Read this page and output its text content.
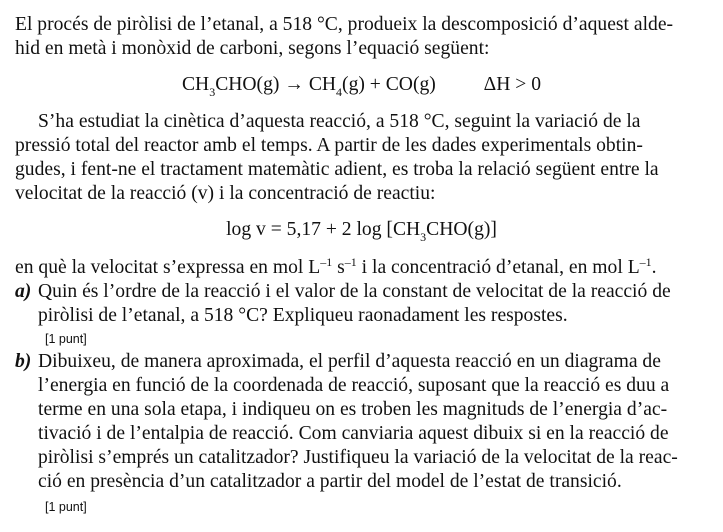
El procés de piròlisi de l’etanal, a 518 °C, produeix la descomposició d’aquest alde-
hid en metà i monòxid de carboni, segons l’equació següent:
CH3CHO(g) → CH4(g) + CO(g) ΔH > 0
S’ha estudiat la cinètica d’aquesta reacció, a 518 °C, seguint la variació de la
pressió total del reactor amb el temps. A partir de les dades experimentals obtin-
gudes, i fent-ne el tractament matemàtic adient, es troba la relació següent entre la
velocitat de la reacció (v) i la concentració de reactiu:
log v = 5,17 + 2 log [CH3CHO(g)]
en què la velocitat s’expressa en mol $L^{-1}$ $s^{-1}$ i la concentració d’etanal, en mol $L^{-1}$.
a) Quin és l’ordre de la reacció i el valor de la constant de velocitat de la reacció de
piròlisi de l’etanal, a 518 °C? Expliqueu raonadament les respostes.
[1 punt]
b) Dibuixeu, de manera aproximada, el perfil d’aquesta reacció en un diagrama de
l’energia en funció de la coordenada de reacció, suposant que la reacció es duu a
terme en una sola etapa, i indiqueu on es troben les magnituds de l’energia d’ac-
tivació i de l’entalpia de reacció. Com canviaria aquest dibuix si en la reacció de
piròlisi s’emprés un catalitzador? Justifiqueu la variació de la velocitat de la reac-
ció en presència d’un catalitzador a partir del model de l’estat de transició.
[1 punt]
